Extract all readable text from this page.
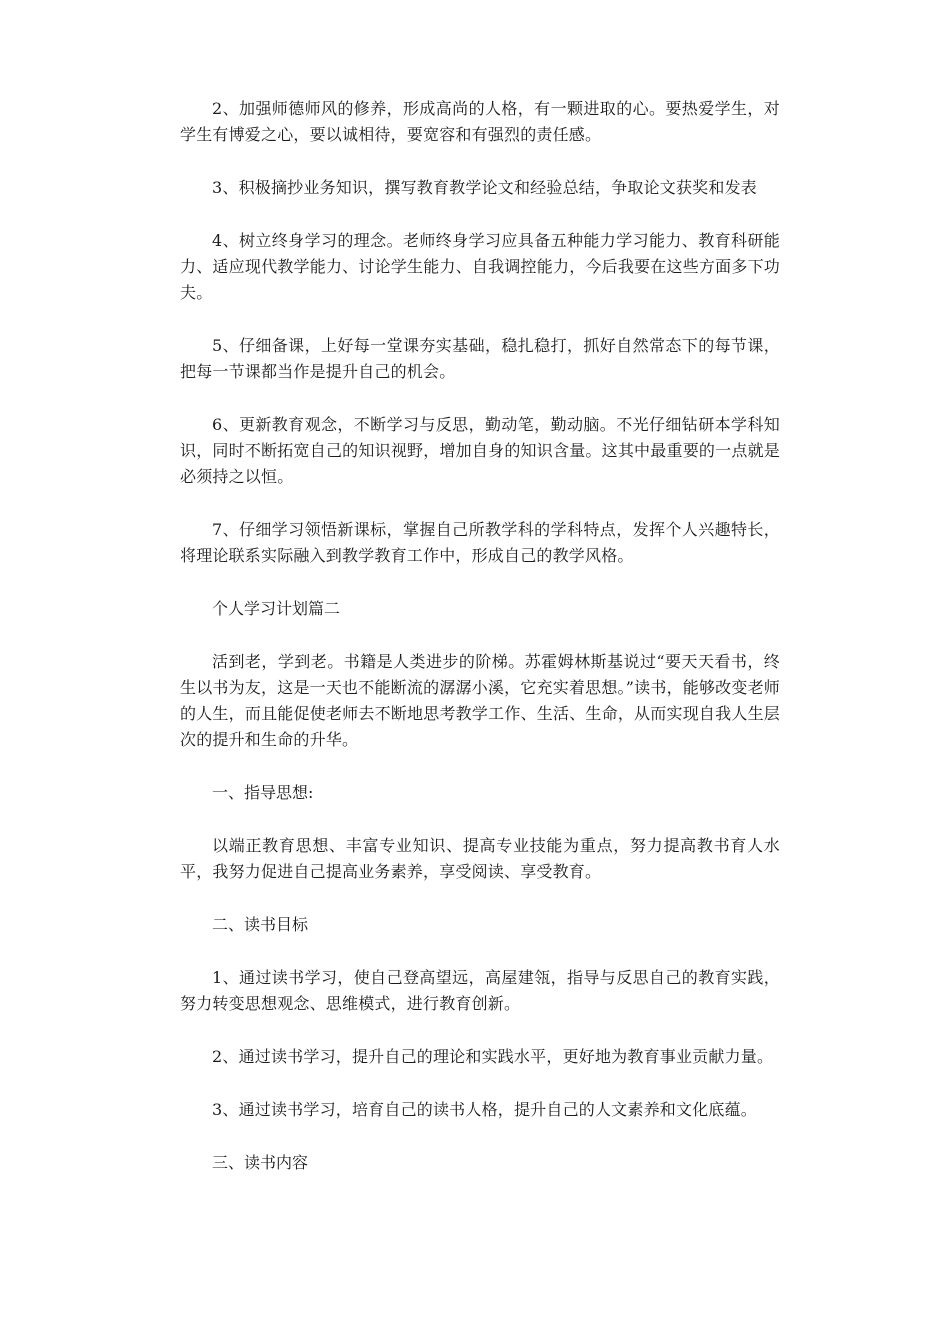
2、加强师德师风的修养，形成高尚的人格，有一颗进取的心。要热爱学生，对学生有博爱之心，要以诚相待，要宽容和有强烈的责任感。

3、积极摘抄业务知识，撰写教育教学论文和经验总结，争取论文获奖和发表

4、树立终身学习的理念。老师终身学习应具备五种能力学习能力、教育科研能力、适应现代教学能力、讨论学生能力、自我调控能力，今后我要在这些方面多下功夫。

5、仔细备课，上好每一堂课夯实基础，稳扎稳打，抓好自然常态下的每节课，把每一节课都当作是提升自己的机会。

6、更新教育观念，不断学习与反思，勤动笔，勤动脑。不光仔细钻研本学科知识，同时不断拓宽自己的知识视野，增加自身的知识含量。这其中最重要的一点就是必须持之以恒。

7、仔细学习领悟新课标，掌握自己所教学科的学科特点，发挥个人兴趣特长，将理论联系实际融入到教学教育工作中，形成自己的教学风格。

个人学习计划篇二

活到老，学到老。书籍是人类进步的阶梯。苏霍姆林斯基说过“要天天看书，终生以书为友，这是一天也不能断流的潺潺小溪，它充实着思想。”读书，能够改变老师的人生，而且能促使老师去不断地思考教学工作、生活、生命，从而实现自我人生层次的提升和生命的升华。

一、指导思想:

以端正教育思想、丰富专业知识、提高专业技能为重点，努力提高教书育人水平，我努力促进自己提高业务素养，享受阅读、享受教育。

二、读书目标

1、通过读书学习，使自己登高望远，高屋建瓴，指导与反思自己的教育实践，努力转变思想观念、思维模式，进行教育创新。

2、通过读书学习，提升自己的理论和实践水平，更好地为教育事业贡献力量。

3、通过读书学习，培育自己的读书人格，提升自己的人文素养和文化底蕴。

三、读书内容
